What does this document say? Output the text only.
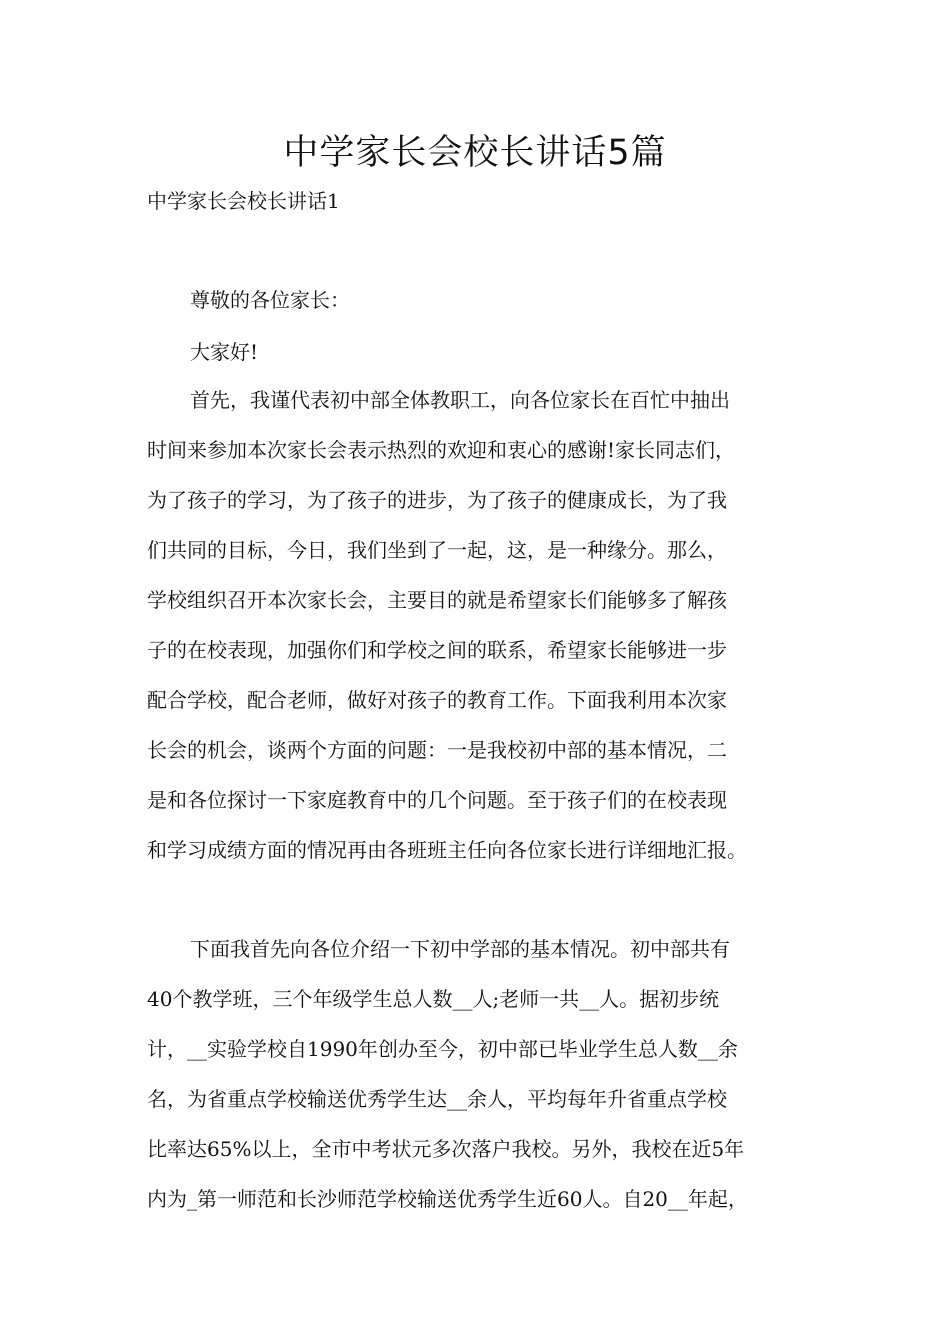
中学家长会校长讲话5篇

中学家长会校长讲话1

尊敬的各位家长：

大家好!

首先，我谨代表初中部全体教职工，向各位家长在百忙中抽出

时间来参加本次家长会表示热烈的欢迎和衷心的感谢!家长同志们，

为了孩子的学习，为了孩子的进步，为了孩子的健康成长，为了我

们共同的目标，今日，我们坐到了一起，这，是一种缘分。那么，

学校组织召开本次家长会，主要目的就是希望家长们能够多了解孩

子的在校表现，加强你们和学校之间的联系，希望家长能够进一步

配合学校，配合老师，做好对孩子的教育工作。下面我利用本次家

长会的机会，谈两个方面的问题：一是我校初中部的基本情况，二

是和各位探讨一下家庭教育中的几个问题。至于孩子们的在校表现

和学习成绩方面的情况再由各班班主任向各位家长进行详细地汇报。

下面我首先向各位介绍一下初中学部的基本情况。初中部共有

40个教学班，三个年级学生总人数__人;老师一共__人。据初步统

计，__实验学校自1990年创办至今，初中部已毕业学生总人数__余

名，为省重点学校输送优秀学生达__余人，平均每年升省重点学校

比率达65%以上，全市中考状元多次落户我校。另外，我校在近5年

内为_第一师范和长沙师范学校输送优秀学生近60人。自20__年起，
